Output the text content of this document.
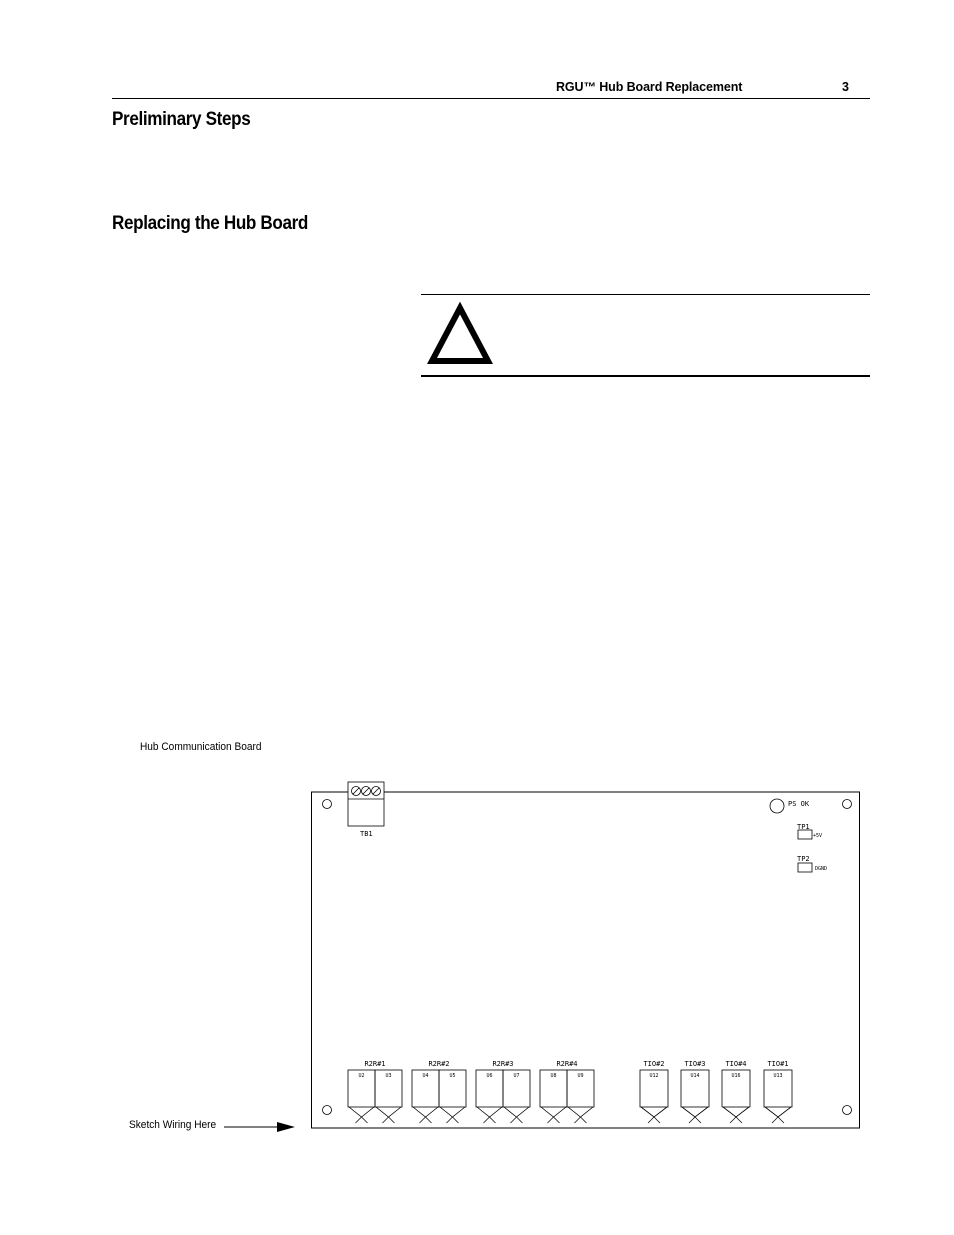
RGU™ Hub Board Replacement	3
Preliminary Steps
Replacing the Hub Board
Hub Communication Board
Sketch Wiring Here
TB1
PS OK
TP1
+5V
TP2
DGND
R2R#1
U2	U3
R2R#2
U4	U5
R2R#3
U6	U7
R2R#4
U8	U9
TIO#2
U12
TIO#3
U14
TIO#4
U16
TIO#1
U13
